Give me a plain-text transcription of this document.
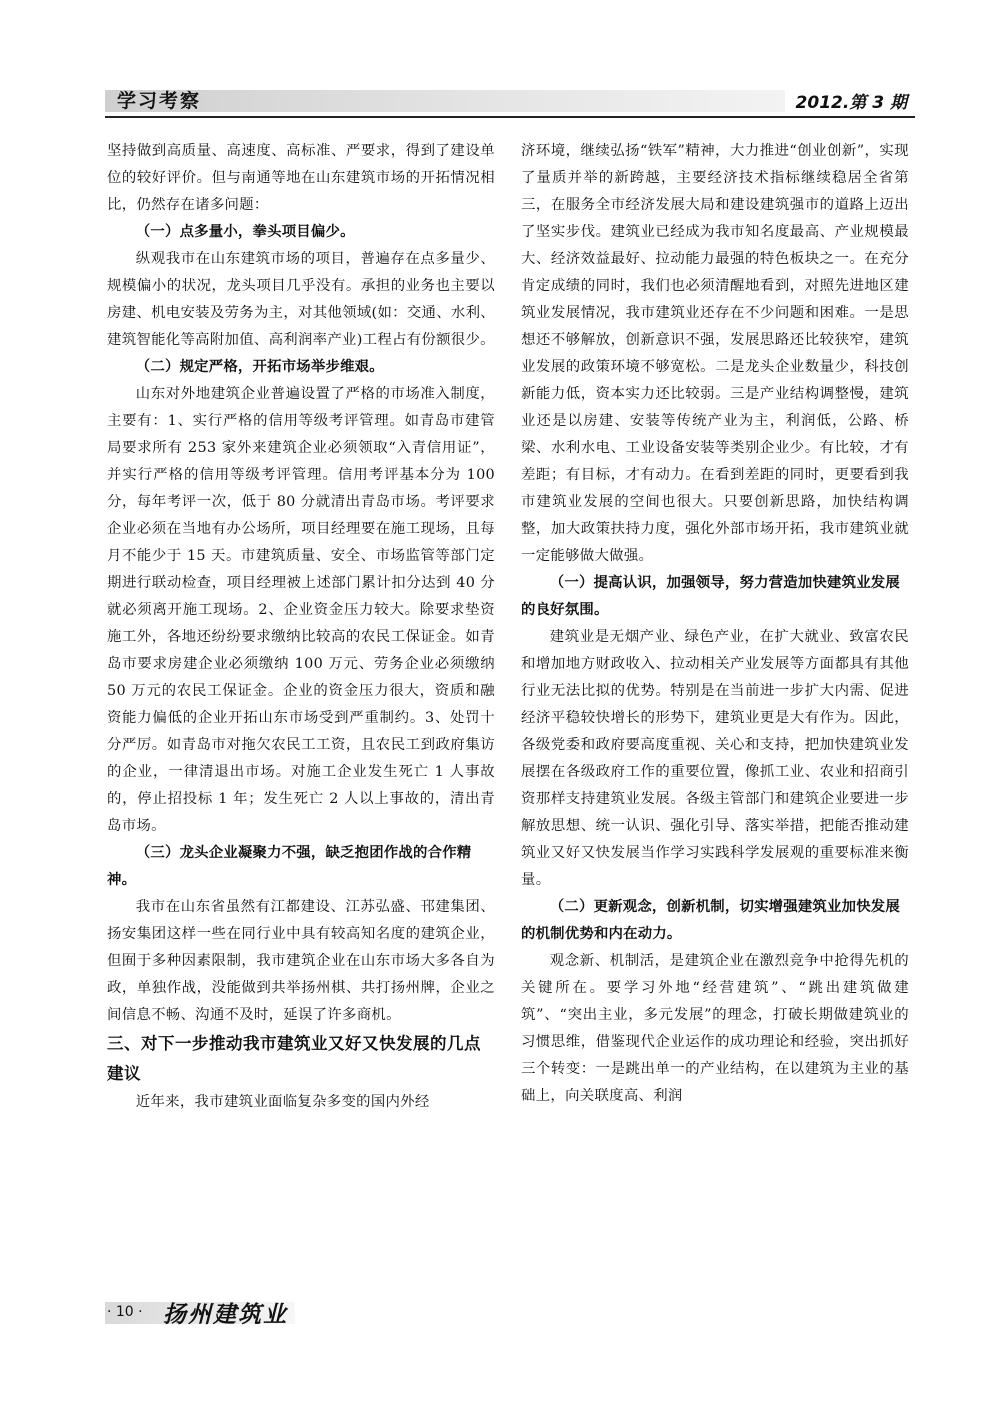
学习考察	2012.第 3 期

坚持做到高质量、高速度、高标准、严要求，得到了建设单位的较好评价。但与南通等地在山东建筑市场的开拓情况相比，仍然存在诸多问题：

（一）点多量小，拳头项目偏少。

纵观我市在山东建筑市场的项目，普遍存在点多量少、规模偏小的状况，龙头项目几乎没有。承担的业务也主要以房建、机电安装及劳务为主，对其他领域(如：交通、水利、建筑智能化等高附加值、高利润率产业)工程占有份额很少。

（二）规定严格，开拓市场举步维艰。

山东对外地建筑企业普遍设置了严格的市场准入制度，主要有：1、实行严格的信用等级考评管理。如青岛市建管局要求所有 253 家外来建筑企业必须领取“入青信用证”，并实行严格的信用等级考评管理。信用考评基本分为 100 分，每年考评一次，低于 80 分就清出青岛市场。考评要求企业必须在当地有办公场所，项目经理要在施工现场，且每月不能少于 15 天。市建筑质量、安全、市场监管等部门定期进行联动检查，项目经理被上述部门累计扣分达到 40 分就必须离开施工现场。2、企业资金压力较大。除要求垫资施工外，各地还纷纷要求缴纳比较高的农民工保证金。如青岛市要求房建企业必须缴纳 100 万元、劳务企业必须缴纳 50 万元的农民工保证金。企业的资金压力很大，资质和融资能力偏低的企业开拓山东市场受到严重制约。3、处罚十分严厉。如青岛市对拖欠农民工工资，且农民工到政府集访的企业，一律清退出市场。对施工企业发生死亡 1 人事故的，停止招投标 1 年；发生死亡 2 人以上事故的，清出青岛市场。

（三）龙头企业凝聚力不强，缺乏抱团作战的合作精神。

我市在山东省虽然有江都建设、江苏弘盛、邗建集团、扬安集团这样一些在同行业中具有较高知名度的建筑企业，但囿于多种因素限制，我市建筑企业在山东市场大多各自为政，单独作战，没能做到共举扬州棋、共打扬州牌，企业之间信息不畅、沟通不及时，延误了许多商机。

三、对下一步推动我市建筑业又好又快发展的几点建议

近年来，我市建筑业面临复杂多变的国内外经

济环境，继续弘扬“铁军”精神，大力推进“创业创新”，实现了量质并举的新跨越，主要经济技术指标继续稳居全省第三，在服务全市经济发展大局和建设建筑强市的道路上迈出了坚实步伐。建筑业已经成为我市知名度最高、产业规模最大、经济效益最好、拉动能力最强的特色板块之一。在充分肯定成绩的同时，我们也必须清醒地看到，对照先进地区建筑业发展情况，我市建筑业还存在不少问题和困难。一是思想还不够解放，创新意识不强，发展思路还比较狭窄，建筑业发展的政策环境不够宽松。二是龙头企业数量少，科技创新能力低，资本实力还比较弱。三是产业结构调整慢，建筑业还是以房建、安装等传统产业为主，利润低，公路、桥梁、水利水电、工业设备安装等类别企业少。有比较，才有差距；有目标，才有动力。在看到差距的同时，更要看到我市建筑业发展的空间也很大。只要创新思路，加快结构调整，加大政策扶持力度，强化外部市场开拓，我市建筑业就一定能够做大做强。

（一）提高认识，加强领导，努力营造加快建筑业发展的良好氛围。

建筑业是无烟产业、绿色产业，在扩大就业、致富农民和增加地方财政收入、拉动相关产业发展等方面都具有其他行业无法比拟的优势。特别是在当前进一步扩大内需、促进经济平稳较快增长的形势下，建筑业更是大有作为。因此，各级党委和政府要高度重视、关心和支持，把加快建筑业发展摆在各级政府工作的重要位置，像抓工业、农业和招商引资那样支持建筑业发展。各级主管部门和建筑企业要进一步解放思想、统一认识、强化引导、落实举措，把能否推动建筑业又好又快发展当作学习实践科学发展观的重要标准来衡量。

（二）更新观念，创新机制，切实增强建筑业加快发展的机制优势和内在动力。

观念新、机制活，是建筑企业在激烈竞争中抢得先机的关键所在。要学习外地“经营建筑”、“跳出建筑做建筑”、“突出主业，多元发展”的理念，打破长期做建筑业的习惯思维，借鉴现代企业运作的成功理论和经验，突出抓好三个转变：一是跳出单一的产业结构，在以建筑为主业的基础上，向关联度高、利润

· 10 · 扬州建筑业
